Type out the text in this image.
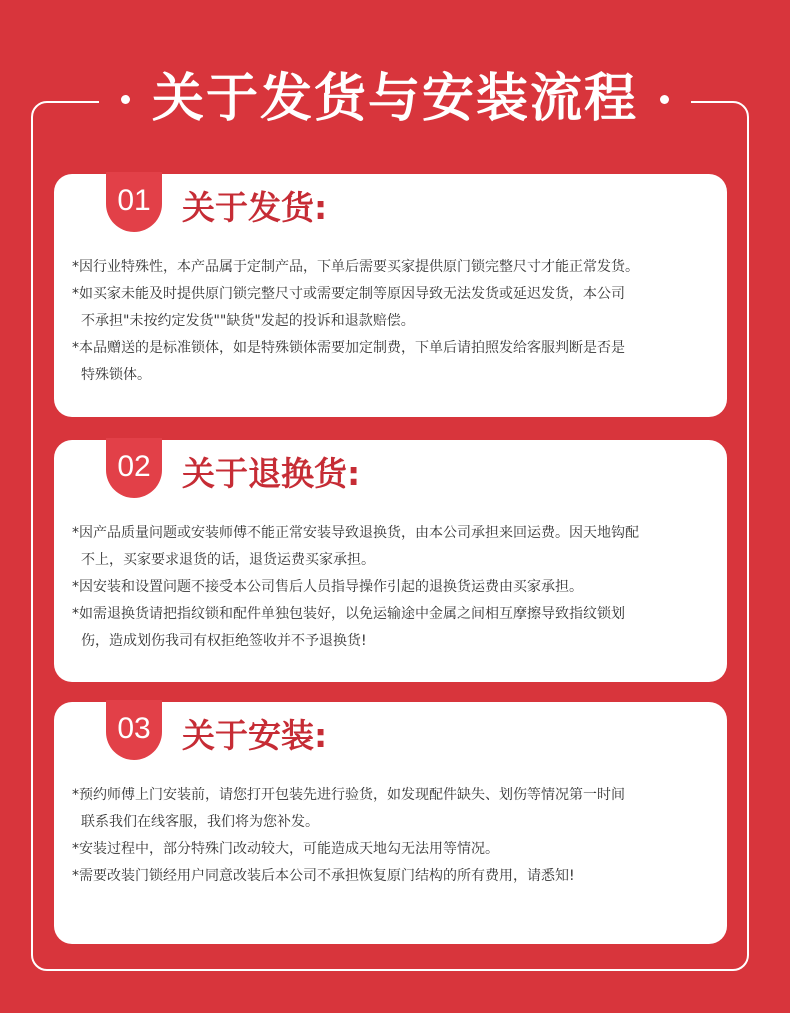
关于发货与安装流程
01 关于发货:
*因行业特殊性，本产品属于定制产品，下单后需要买家提供原门锁完整尺寸才能正常发货。
*如买家未能及时提供原门锁完整尺寸或需要定制等原因导致无法发货或延迟发货，本公司
不承担"未按约定发货""缺货"发起的投诉和退款赔偿。
*本品赠送的是标准锁体，如是特殊锁体需要加定制费，下单后请拍照发给客服判断是否是
特殊锁体。
02 关于退换货:
*因产品质量问题或安装师傅不能正常安装导致退换货，由本公司承担来回运费。因天地钩配
不上，买家要求退货的话，退货运费买家承担。
*因安装和设置问题不接受本公司售后人员指导操作引起的退换货运费由买家承担。
*如需退换货请把指纹锁和配件单独包装好，以免运输途中金属之间相互摩擦导致指纹锁划
伤，造成划伤我司有权拒绝签收并不予退换货!
03 关于安装:
*预约师傅上门安装前，请您打开包装先进行验货，如发现配件缺失、划伤等情况第一时间
联系我们在线客服，我们将为您补发。
*安装过程中，部分特殊门改动较大，可能造成天地勾无法用等情况。
*需要改装门锁经用户同意改装后本公司不承担恢复原门结构的所有费用，请悉知!
